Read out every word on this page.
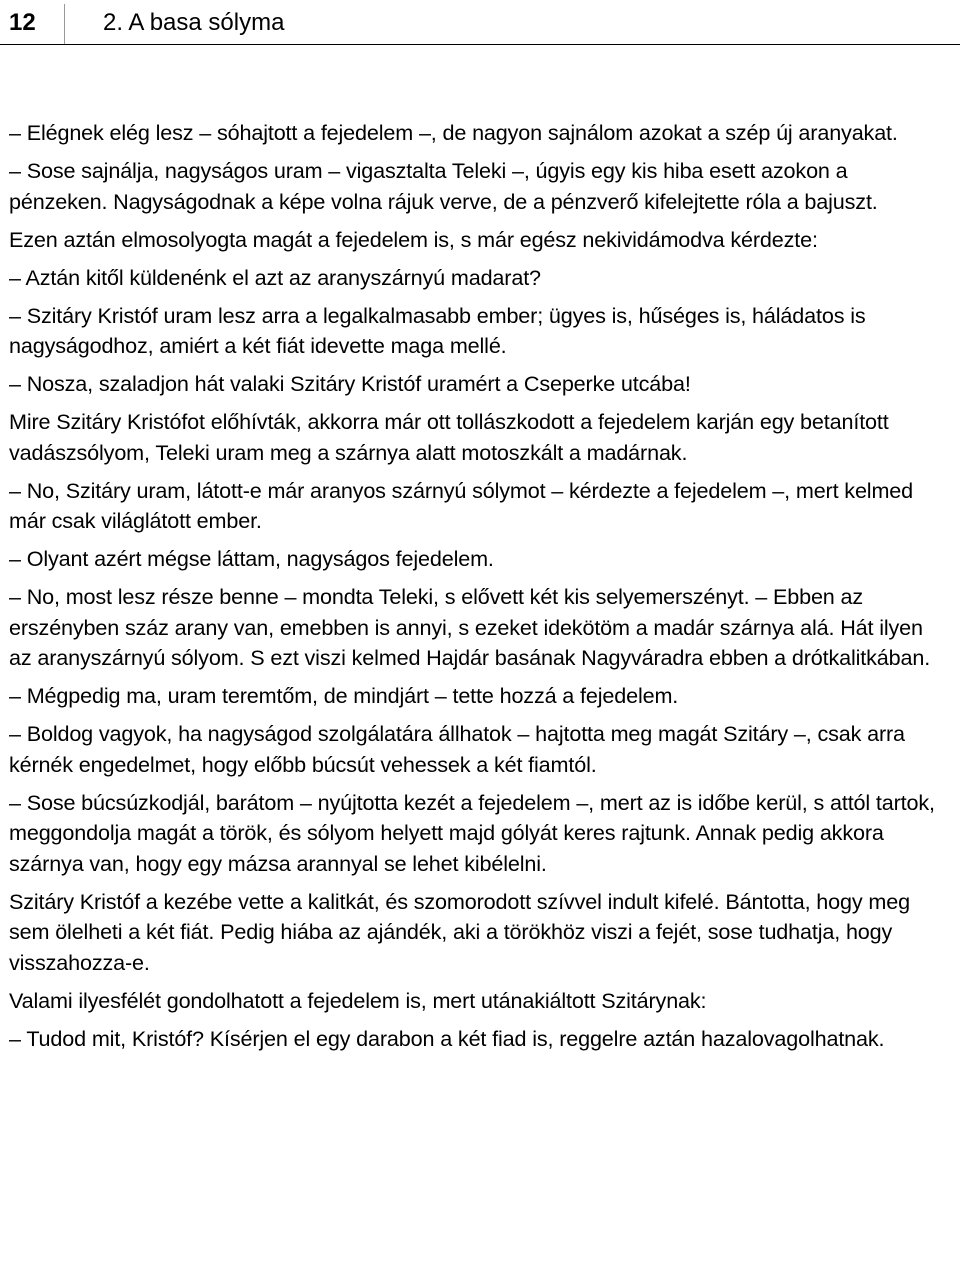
12	2. A basa sólyma

– Elégnek elég lesz – sóhajtott a fejedelem –, de nagyon sajnálom azokat a szép új aranyakat.

– Sose sajnálja, nagyságos uram – vigasztalta Teleki –, úgyis egy kis hiba esett azokon a pénzeken. Nagyságodnak a képe volna rájuk verve, de a pénzverő kifelejtette róla a bajuszt.

Ezen aztán elmosolyogta magát a fejedelem is, s már egész nekividámodva kérdezte:

– Aztán kitől küldenénk el azt az aranyszárnyú madarat?

– Szitáry Kristóf uram lesz arra a legalkalmasabb ember; ügyes is, hűséges is, háládatos is nagyságodhoz, amiért a két fiát idevette maga mellé.

– Nosza, szaladjon hát valaki Szitáry Kristóf uramért a Cseperke utcába!

Mire Szitáry Kristófot előhívták, akkorra már ott tollászkodott a fejedelem karján egy betanított vadászsólyom, Teleki uram meg a szárnya alatt motoszkált a madárnak.

– No, Szitáry uram, látott-e már aranyos szárnyú sólymot – kérdezte a fejedelem –, mert kelmed már csak világlátott ember.

– Olyant azért mégse láttam, nagyságos fejedelem.

– No, most lesz része benne – mondta Teleki, s elővett két kis selyemerszényt. – Ebben az erszényben száz arany van, emebben is annyi, s ezeket idekötöm a madár szárnya alá. Hát ilyen az aranyszárnyú sólyom. S ezt viszi kelmed Hajdár basának Nagyváradra ebben a drótkalitkában.

– Mégpedig ma, uram teremtőm, de mindjárt – tette hozzá a fejedelem.

– Boldog vagyok, ha nagyságod szolgálatára állhatok – hajtotta meg magát Szitáry –, csak arra kérnék engedelmet, hogy előbb búcsút vehessek a két fiamtól.

– Sose búcsúzkodjál, barátom – nyújtotta kezét a fejedelem –, mert az is időbe kerül, s attól tartok, meggondolja magát a török, és sólyom helyett majd gólyát keres rajtunk. Annak pedig akkora szárnya van, hogy egy mázsa arannyal se lehet kibélelni.

Szitáry Kristóf a kezébe vette a kalitkát, és szomorodott szívvel indult kifelé. Bántotta, hogy meg sem ölelheti a két fiát. Pedig hiába az ajándék, aki a törökhöz viszi a fejét, sose tudhatja, hogy visszahozza-e.

Valami ilyesfélét gondolhatott a fejedelem is, mert utánakiáltott Szitárynak:

– Tudod mit, Kristóf? Kísérjen el egy darabon a két fiad is, reggelre aztán hazalovagolhatnak.
